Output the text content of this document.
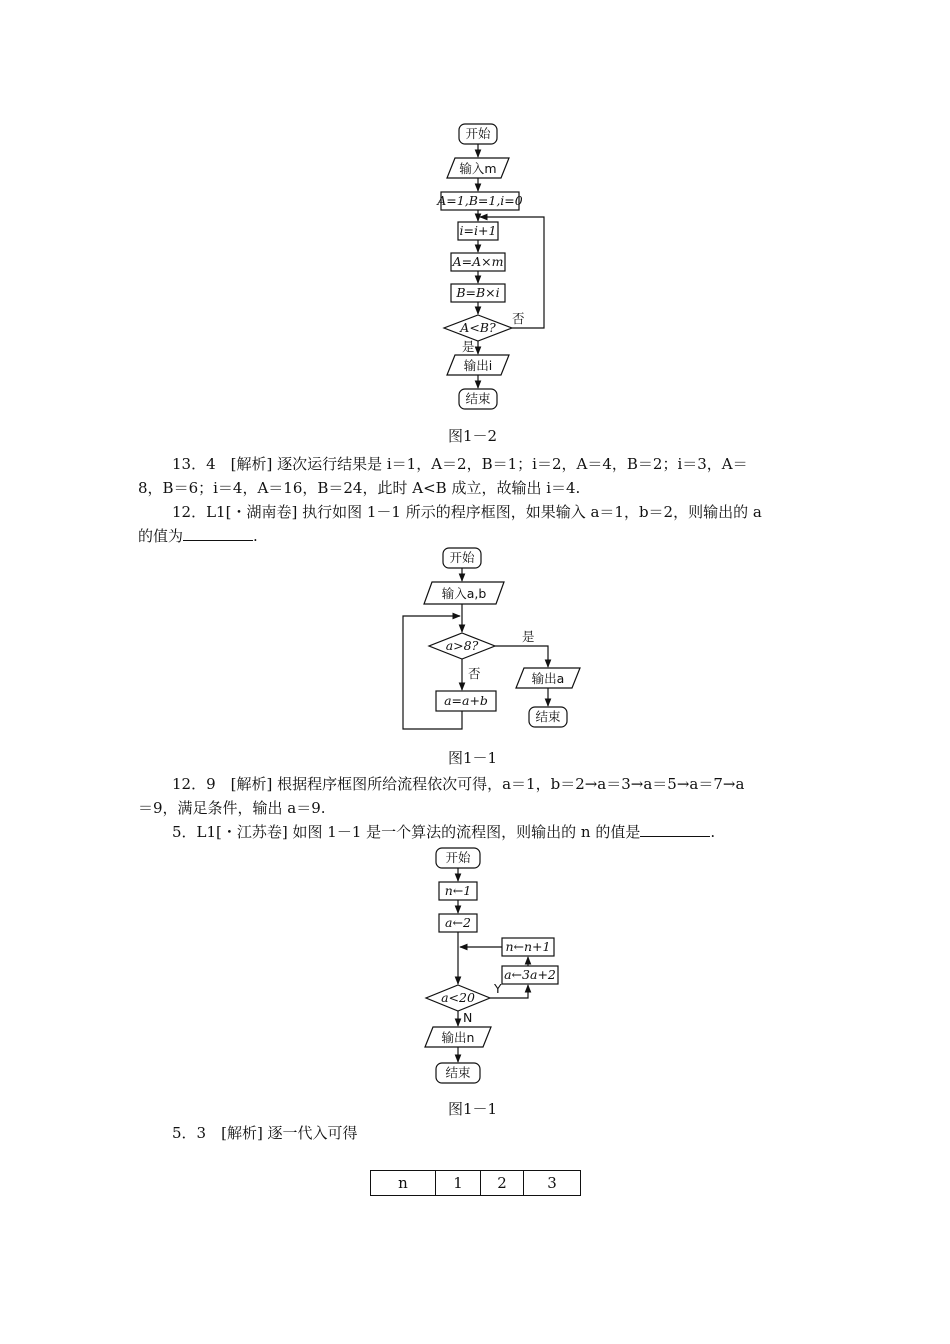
开始
输入m
A=1,B=1,i=0
i=i+1
A=A×m
B=B×i
A<B?
否
是
输出i
结束
开始
输入a,b
a>8?
是
输出a
结束
否
a=a+b
开始
n←1
a←2
n←n+1
a←3a+2
a<20
Y
N
输出n
结束
图1－2
图1－1
图1－1
13．4　[解析] 逐次运行结果是 i＝1，A＝2，B＝1；i＝2，A＝4，B＝2；i＝3，A＝
8，B＝6；i＝4，A＝16，B＝24，此时 A<B 成立，故输出 i＝4.
12．L1[・湖南卷] 执行如图 1－1 所示的程序框图，如果输入 a＝1，b＝2，则输出的 a
的值为	.
12．9　[解析] 根据程序框图所给流程依次可得，a＝1，b＝2→a＝3→a＝5→a＝7→a
＝9，满足条件，输出 a＝9.
5．L1[・江苏卷] 如图 1－1 是一个算法的流程图，则输出的 n 的值是	.
5．3　[解析] 逐一代入可得
n	1	2	3
